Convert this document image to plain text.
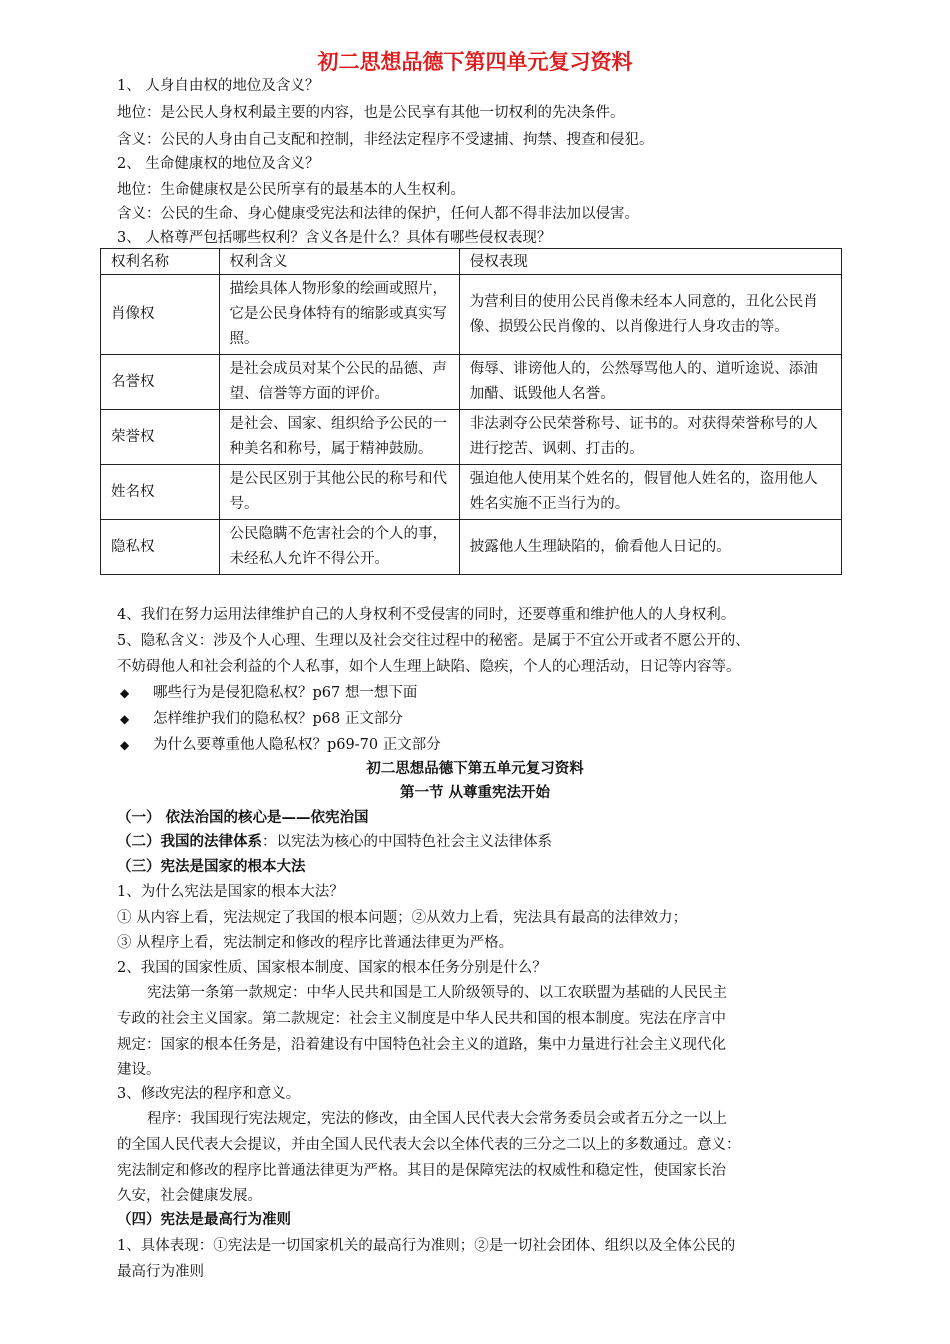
初二思想品德下第四单元复习资料
1、 人身自由权的地位及含义？
地位：是公民人身权利最主要的内容，也是公民享有其他一切权利的先决条件。
含义：公民的人身由自己支配和控制，非经法定程序不受逮捕、拘禁、搜查和侵犯。
2、 生命健康权的地位及含义？
地位：生命健康权是公民所享有的最基本的人生权利。
含义：公民的生命、身心健康受宪法和法律的保护，任何人都不得非法加以侵害。
3、 人格尊严包括哪些权利？含义各是什么？具体有哪些侵权表现？
权利名称	权利含义	侵权表现
肖像权	描绘具体人物形象的绘画或照片，它是公民身体特有的缩影或真实写照。	为营利目的使用公民肖像未经本人同意的，丑化公民肖像、损毁公民肖像的、以肖像进行人身攻击的等。
名誉权	是社会成员对某个公民的品德、声望、信誉等方面的评价。	侮辱、诽谤他人的，公然辱骂他人的、道听途说、添油加醋、诋毁他人名誉。
荣誉权	是社会、国家、组织给予公民的一种美名和称号，属于精神鼓励。	非法剥夺公民荣誉称号、证书的。对获得荣誉称号的人进行挖苦、讽刺、打击的。
姓名权	是公民区别于其他公民的称号和代号。	强迫他人使用某个姓名的，假冒他人姓名的，盗用他人姓名实施不正当行为的。
隐私权	公民隐瞒不危害社会的个人的事，未经私人允许不得公开。	披露他人生理缺陷的，偷看他人日记的。
4、我们在努力运用法律维护自己的人身权利不受侵害的同时，还要尊重和维护他人的人身权利。
5、隐私含义：涉及个人心理、生理以及社会交往过程中的秘密。是属于不宜公开或者不愿公开的、
不妨碍他人和社会利益的个人私事，如个人生理上缺陷、隐疾，个人的心理活动，日记等内容等。
◆ 哪些行为是侵犯隐私权？p67 想一想下面
◆ 怎样维护我们的隐私权？p68 正文部分
◆ 为什么要尊重他人隐私权？p69-70 正文部分
初二思想品德下第五单元复习资料
第一节 从尊重宪法开始
（一） 依法治国的核心是——依宪治国
（二）我国的法律体系：以宪法为核心的中国特色社会主义法律体系
（三）宪法是国家的根本大法
1、为什么宪法是国家的根本大法？
① 从内容上看，宪法规定了我国的根本问题；②从效力上看，宪法具有最高的法律效力；
③ 从程序上看，宪法制定和修改的程序比普通法律更为严格。
2、我国的国家性质、国家根本制度、国家的根本任务分别是什么？
宪法第一条第一款规定：中华人民共和国是工人阶级领导的、以工农联盟为基础的人民民主
专政的社会主义国家。第二款规定：社会主义制度是中华人民共和国的根本制度。宪法在序言中
规定：国家的根本任务是，沿着建设有中国特色社会主义的道路，集中力量进行社会主义现代化
建设。
3、修改宪法的程序和意义。
程序：我国现行宪法规定，宪法的修改，由全国人民代表大会常务委员会或者五分之一以上
的全国人民代表大会提议，并由全国人民代表大会以全体代表的三分之二以上的多数通过。意义：
宪法制定和修改的程序比普通法律更为严格。其目的是保障宪法的权威性和稳定性，使国家长治
久安，社会健康发展。
（四）宪法是最高行为准则
1、具体表现：①宪法是一切国家机关的最高行为准则；②是一切社会团体、组织以及全体公民的
最高行为准则
